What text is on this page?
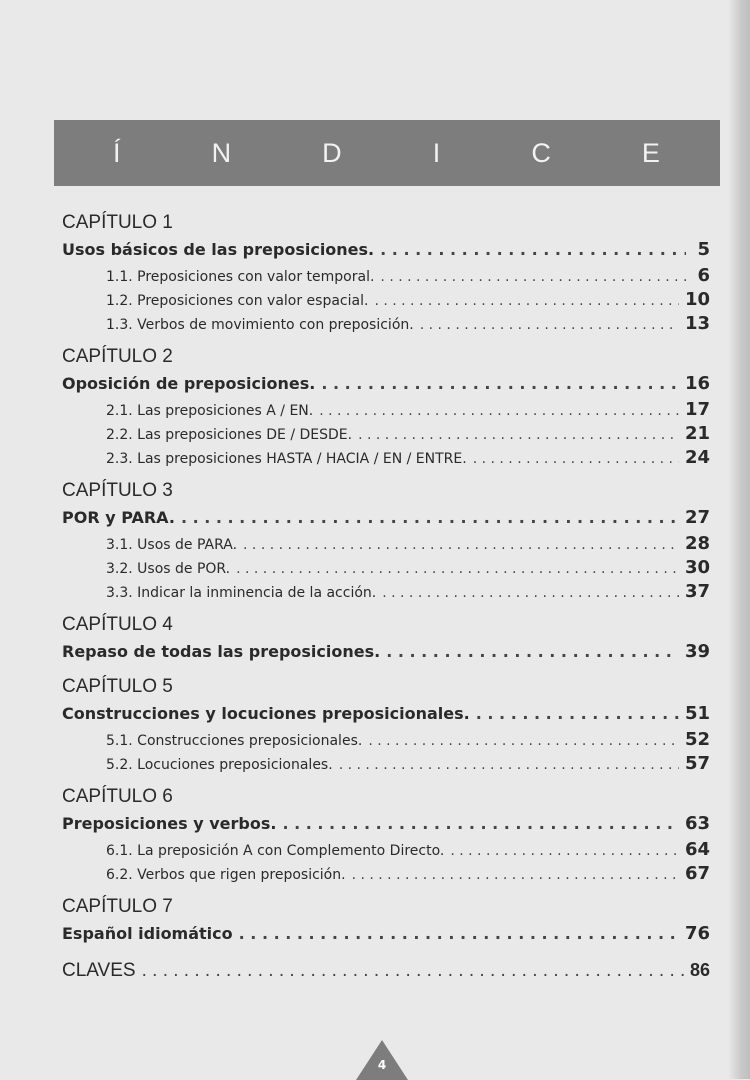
Í	N	D	I	C	E
CAPÍTULO 1
Usos básicos de las preposiciones. . . .	5
1.1. Preposiciones con valor temporal. . . .	6
1.2. Preposiciones con valor espacial. . . .	10
1.3. Verbos de movimiento con preposición. . . .	13
CAPÍTULO 2
Oposición de preposiciones. . . .	16
2.1. Las preposiciones A / EN. . . .	17
2.2. Las preposiciones DE / DESDE. . . .	21
2.3. Las preposiciones HASTA / HACIA / EN / ENTRE. . . .	24
CAPÍTULO 3
POR y PARA. . . .	27
3.1. Usos de PARA. . . .	28
3.2. Usos de POR. . . .	30
3.3. Indicar la inminencia de la acción. . . .	37
CAPÍTULO 4
Repaso de todas las preposiciones. . . .	39
CAPÍTULO 5
Construcciones y locuciones preposicionales. . . .	51
5.1. Construcciones preposicionales. . . .	52
5.2. Locuciones preposicionales. . . .	57
CAPÍTULO 6
Preposiciones y verbos. . . .	63
6.1. La preposición A con Complemento Directo. . . .	64
6.2. Verbos que rigen preposición. . . .	67
CAPÍTULO 7
Español idiomático . . .	76
CLAVES . . .	86
4
